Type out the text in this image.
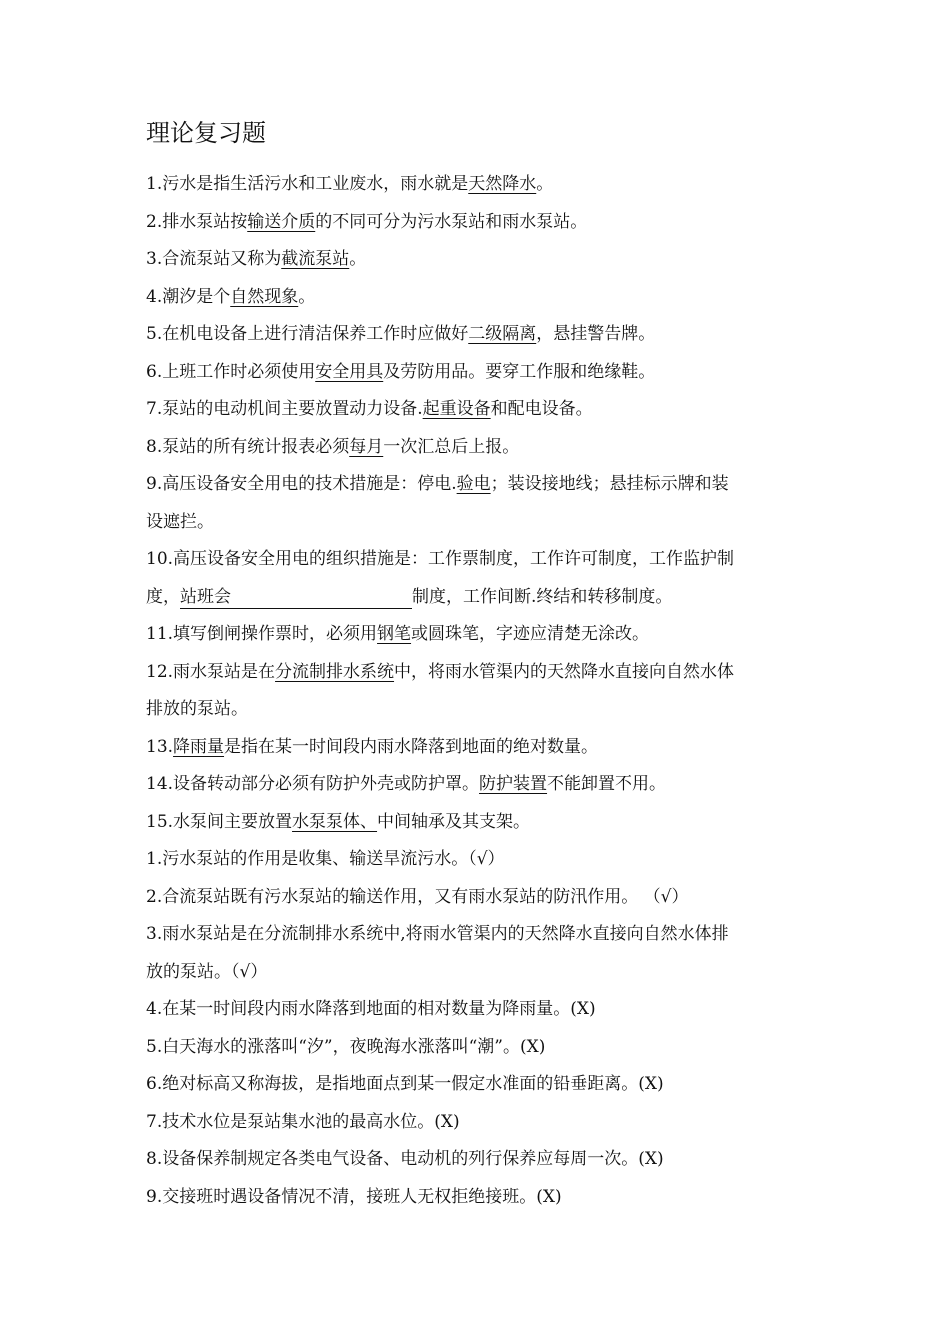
理论复习题

1.污水是指生活污水和工业废水，雨水就是天然降水。

2.排水泵站按输送介质的不同可分为污水泵站和雨水泵站。

3.合流泵站又称为截流泵站。

4.潮汐是个自然现象。

5.在机电设备上进行清洁保养工作时应做好二级隔离，悬挂警告牌。

6.上班工作时必须使用安全用具及劳防用品。要穿工作服和绝缘鞋。

7.泵站的电动机间主要放置动力设备.起重设备和配电设备。

8.泵站的所有统计报表必须每月一次汇总后上报。

9.高压设备安全用电的技术措施是：停电.验电；装设接地线；悬挂标示牌和装

设遮拦。

10.高压设备安全用电的组织措施是：工作票制度，工作许可制度，工作监护制

度，站班会	制度，工作间断.终结和转移制度。

11.填写倒闸操作票时，必须用钢笔或圆珠笔，字迹应清楚无涂改。

12.雨水泵站是在分流制排水系统中，将雨水管渠内的天然降水直接向自然水体

排放的泵站。

13.降雨量是指在某一时间段内雨水降落到地面的绝对数量。

14.设备转动部分必须有防护外壳或防护罩。防护装置不能卸置不用。

15.水泵间主要放置水泵泵体、中间轴承及其支架。

1.污水泵站的作用是收集、输送旱流污水。（√）

2.合流泵站既有污水泵站的输送作用，又有雨水泵站的防汛作用。 （√）

3.雨水泵站是在分流制排水系统中,将雨水管渠内的天然降水直接向自然水体排

放的泵站。（√）

4.在某一时间段内雨水降落到地面的相对数量为降雨量。(X)

5.白天海水的涨落叫“汐”，夜晚海水涨落叫“潮”。(X)

6.绝对标高又称海拔，是指地面点到某一假定水准面的铅垂距离。(X)

7.技术水位是泵站集水池的最高水位。(X)

8.设备保养制规定各类电气设备、电动机的列行保养应每周一次。(X)

9.交接班时遇设备情况不清，接班人无权拒绝接班。(X)
